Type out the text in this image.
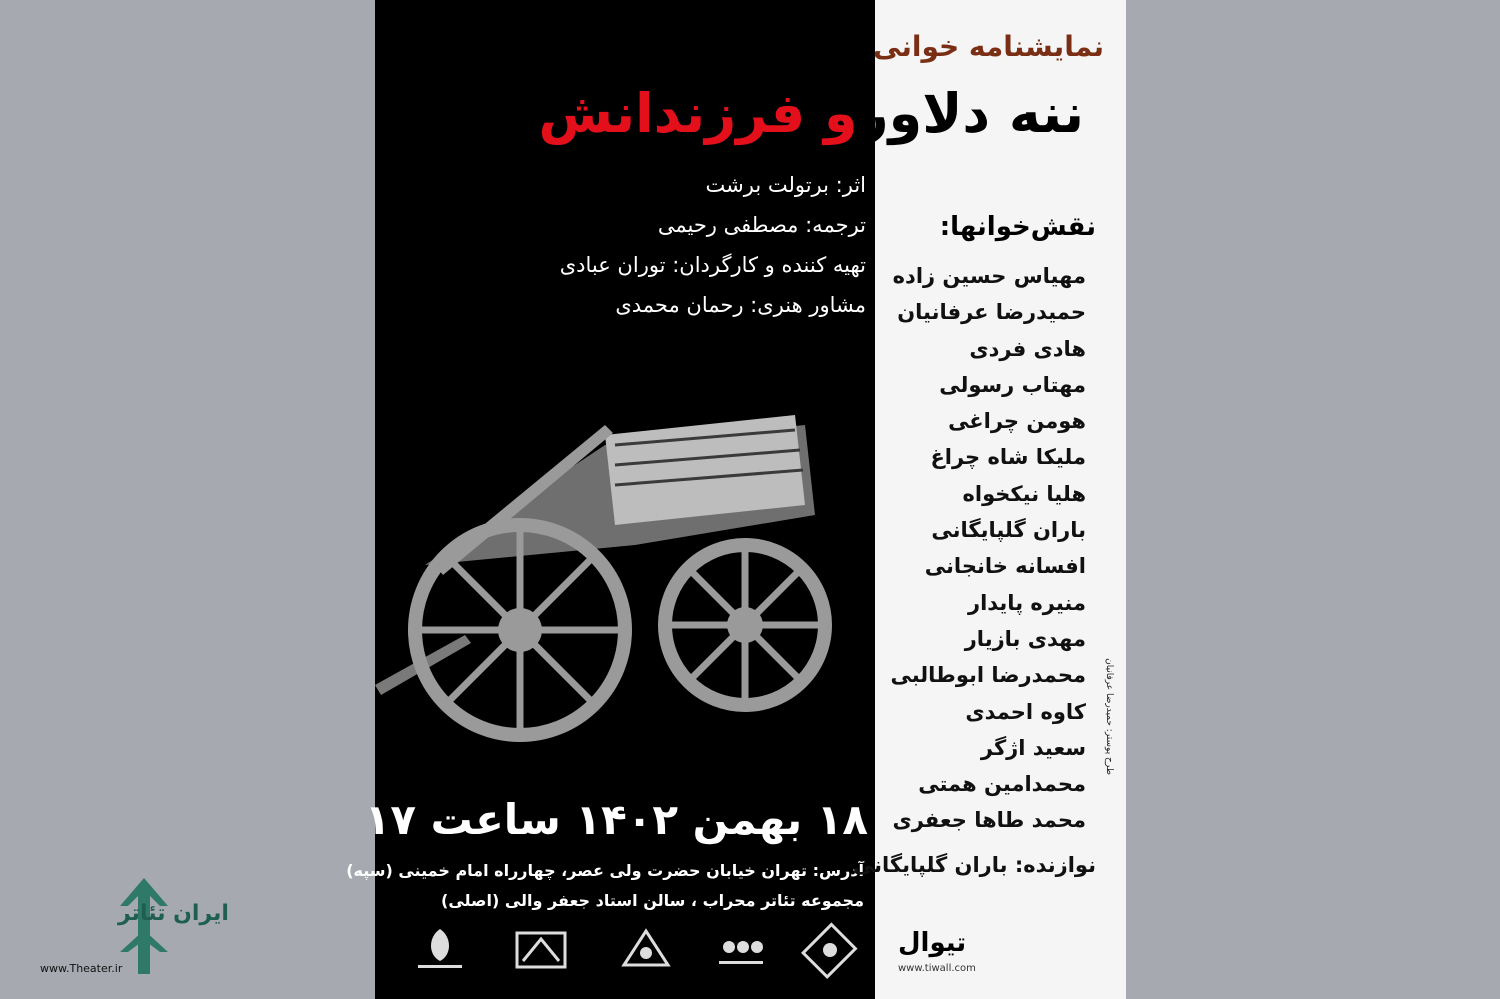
نمایشنامه خوانی
ننه دلاورو فرزندانش
اثر: برتولت برشت
ترجمه: مصطفی رحیمی
تهیه کننده و کارگردان: توران عبادی
مشاور هنری: رحمان محمدی
۱۸ بهمن ۱۴۰۲ ساعت ۱۷
آدرس: تهران خیابان حضرت ولی عصر، چهارراه امام خمینی (سپه)
مجموعه تئاتر محراب ، سالن استاد جعفر والی (اصلی)
نقش‌خوانها:
مهیاس حسین زاده
حمیدرضا عرفانیان
هادی فردی
مهتاب رسولی
هومن چراغی
ملیکا شاه چراغ
هلیا نیکخواه
باران گلپایگانی
افسانه خانجانی
منیره پایدار
مهدی بازیار
محمدرضا ابوطالبی
کاوه احمدی
سعید اژگر
محمدامین همتی
محمد طاها جعفری
طرح پوستر: حمیدرضا عرفانیان
نوازنده: باران گلپایگانی
تیوال
www.tiwall.com
ایران تئاتر
www.Theater.ir
